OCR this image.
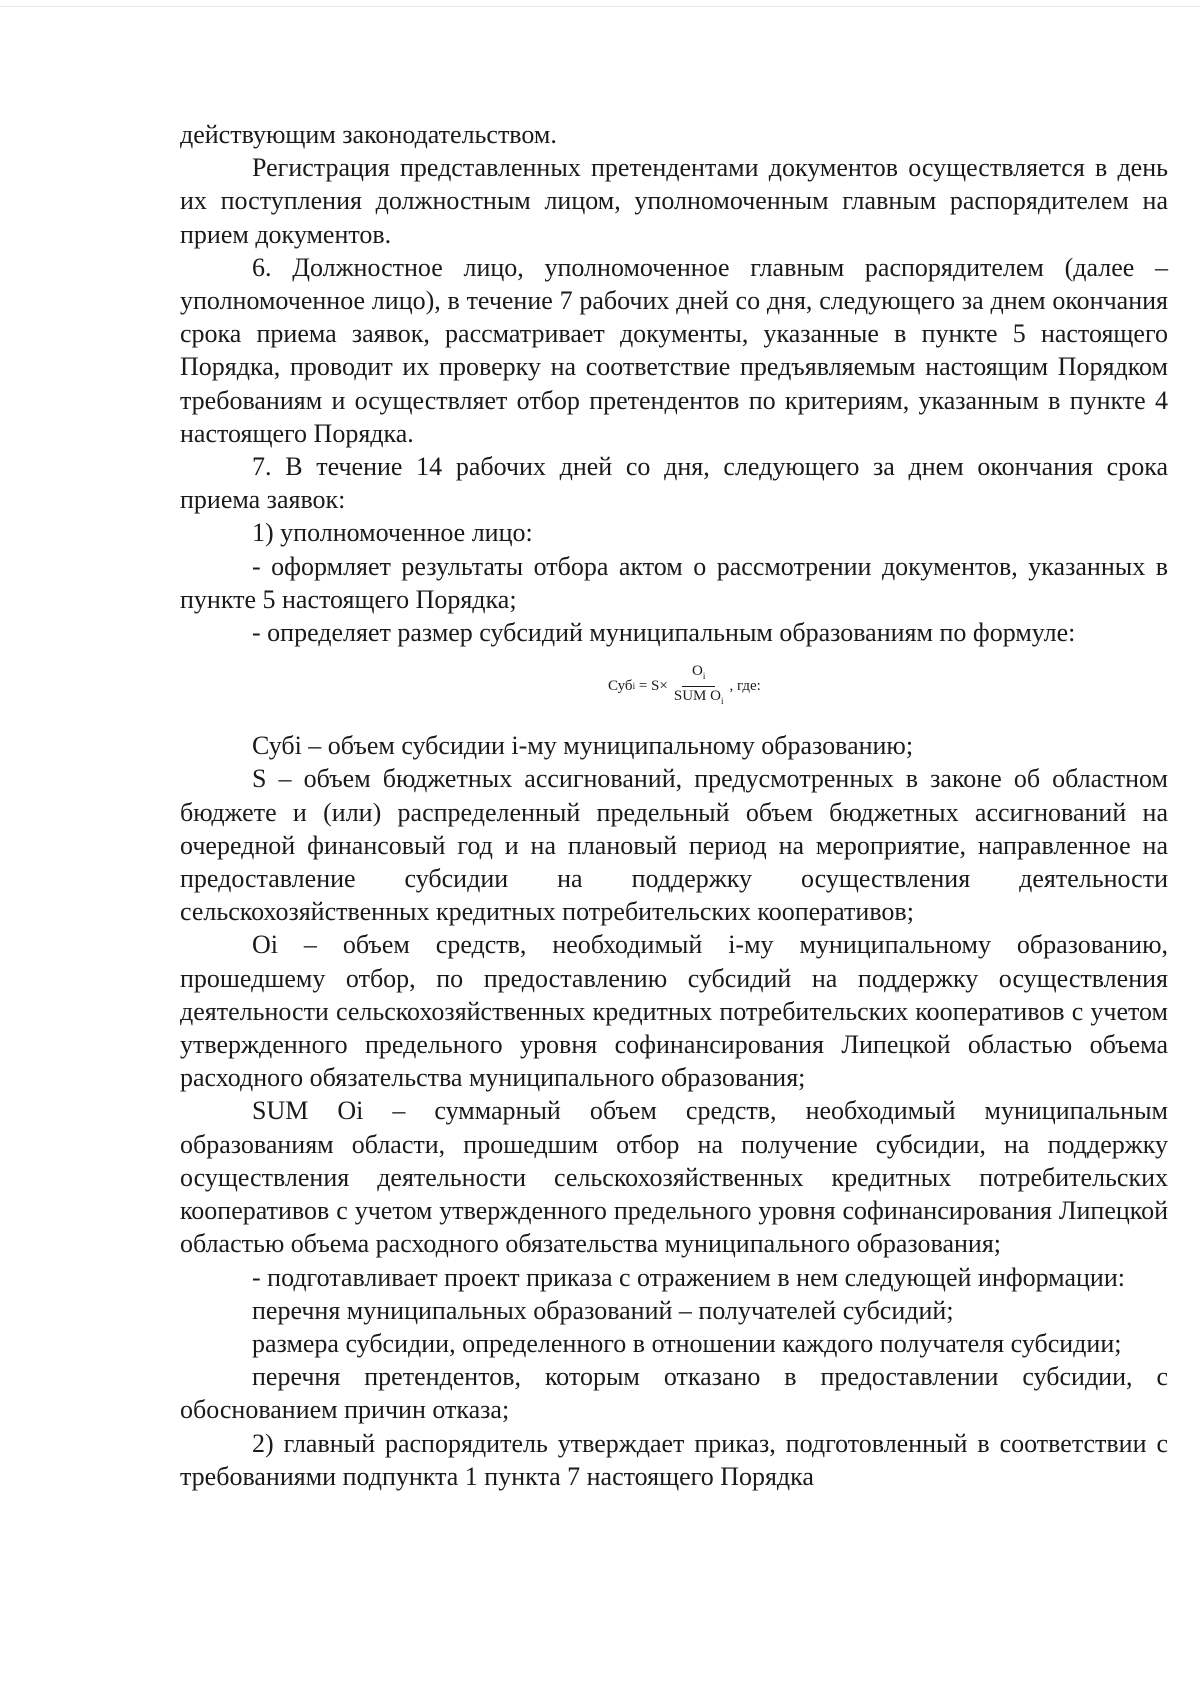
действующим законодательством.

Регистрация представленных претендентами документов осуществляется в день их поступления должностным лицом, уполномоченным главным распорядителем на прием документов.

6. Должностное лицо, уполномоченное главным распорядителем (далее – уполномоченное лицо), в течение 7 рабочих дней со дня, следующего за днем окончания срока приема заявок, рассматривает документы, указанные в пункте 5 настоящего Порядка, проводит их проверку на соответствие предъявляемым настоящим Порядком требованиям и осуществляет отбор претендентов по критериям, указанным в пункте 4 настоящего Порядка.

7. В течение 14 рабочих дней со дня, следующего за днем окончания срока приема заявок:

1) уполномоченное лицо:

- оформляет результаты отбора актом о рассмотрении документов, указанных в пункте 5 настоящего Порядка;

- определяет размер субсидий муниципальным образованиям по формуле:

Суб $i = S\times \frac{O_i}{SUM O_i}$ , где:

Субi – объем субсидии i-му муниципальному образованию;

S – объем бюджетных ассигнований, предусмотренных в законе об областном бюджете и (или) распределенный предельный объем бюджетных ассигнований на очередной финансовый год и на плановый период на мероприятие, направленное на предоставление субсидии на поддержку осуществления деятельности сельскохозяйственных кредитных потребительских кооперативов;

Oi – объем средств, необходимый i-му муниципальному образованию, прошедшему отбор, по предоставлению субсидий на поддержку осуществления деятельности сельскохозяйственных кредитных потребительских кооперативов с учетом утвержденного предельного уровня софинансирования Липецкой областью объема расходного обязательства муниципального образования;

SUM Oi – суммарный объем средств, необходимый муниципальным образованиям области, прошедшим отбор на получение субсидии, на поддержку осуществления деятельности сельскохозяйственных кредитных потребительских кооперативов с учетом утвержденного предельного уровня софинансирования Липецкой областью объема расходного обязательства муниципального образования;

- подготавливает проект приказа с отражением в нем следующей информации:

перечня муниципальных образований – получателей субсидий;

размера субсидии, определенного в отношении каждого получателя субсидии;

перечня претендентов, которым отказано в предоставлении субсидии, с обоснованием причин отказа;

2) главный распорядитель утверждает приказ, подготовленный в соответствии с требованиями подпункта 1 пункта 7 настоящего Порядка
